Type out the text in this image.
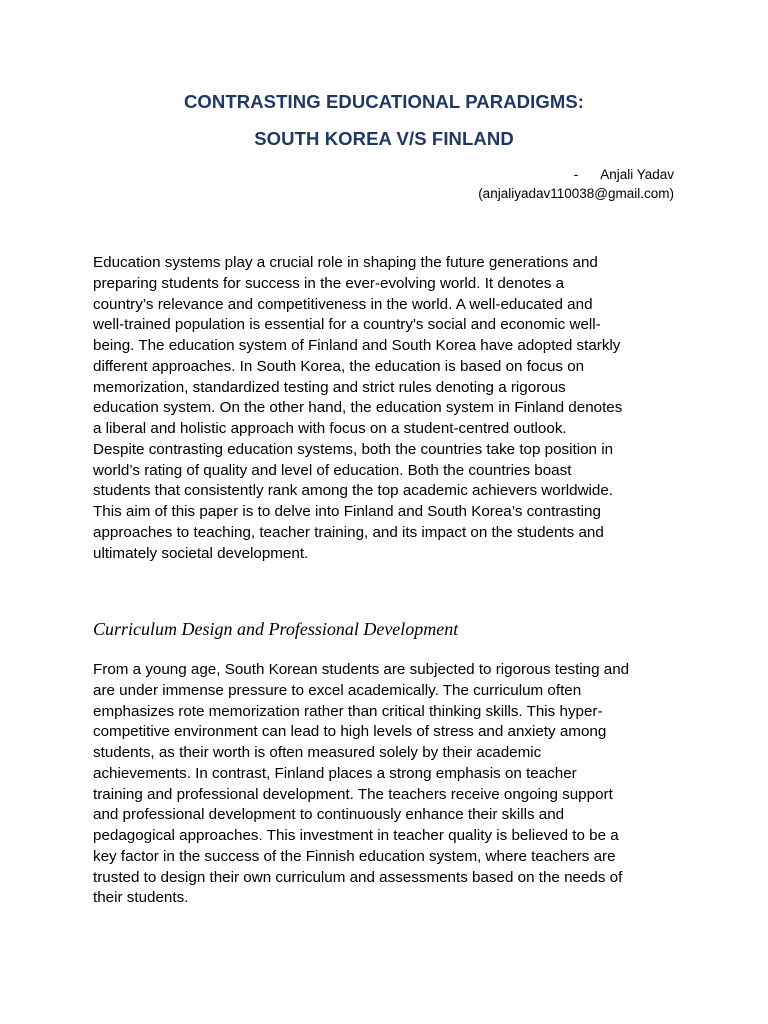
CONTRASTING EDUCATIONAL PARADIGMS:
SOUTH KOREA V/S FINLAND
- Anjali Yadav
(anjaliyadav110038@gmail.com)
Education systems play a crucial role in shaping the future generations and
preparing students for success in the ever-evolving world. It denotes a
country’s relevance and competitiveness in the world. A well-educated and
well-trained population is essential for a country's social and economic well-
being. The education system of Finland and South Korea have adopted starkly
different approaches. In South Korea, the education is based on focus on
memorization, standardized testing and strict rules denoting a rigorous
education system. On the other hand, the education system in Finland denotes
a liberal and holistic approach with focus on a student-centred outlook.
Despite contrasting education systems, both the countries take top position in
world’s rating of quality and level of education. Both the countries boast
students that consistently rank among the top academic achievers worldwide.
This aim of this paper is to delve into Finland and South Korea’s contrasting
approaches to teaching, teacher training, and its impact on the students and
ultimately societal development.
Curriculum Design and Professional Development
From a young age, South Korean students are subjected to rigorous testing and
are under immense pressure to excel academically. The curriculum often
emphasizes rote memorization rather than critical thinking skills. This hyper-
competitive environment can lead to high levels of stress and anxiety among
students, as their worth is often measured solely by their academic
achievements. In contrast, Finland places a strong emphasis on teacher
training and professional development. The teachers receive ongoing support
and professional development to continuously enhance their skills and
pedagogical approaches. This investment in teacher quality is believed to be a
key factor in the success of the Finnish education system, where teachers are
trusted to design their own curriculum and assessments based on the needs of
their students.
